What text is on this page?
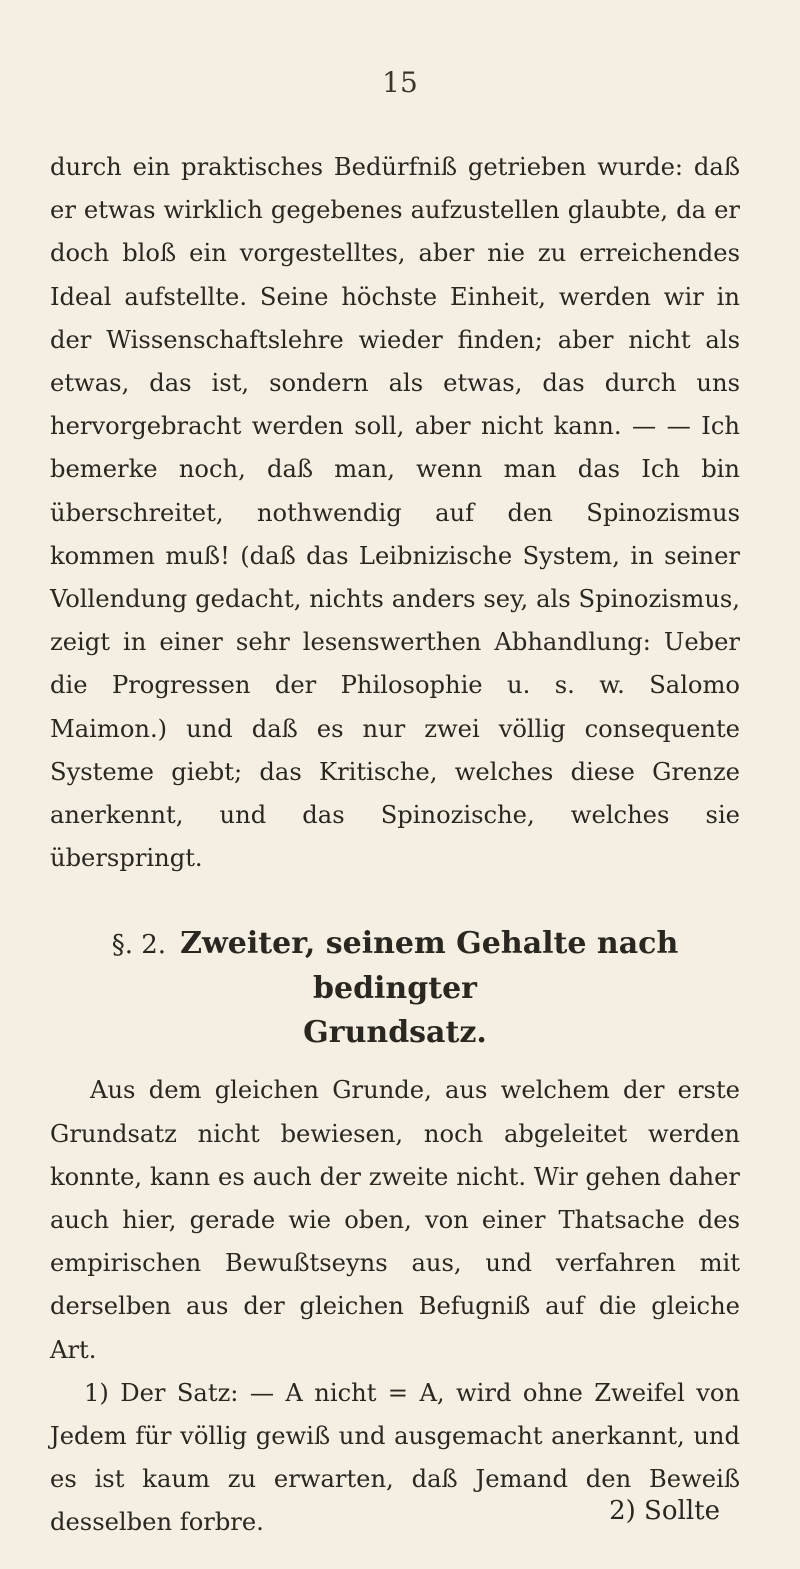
15

durch ein praktisches Bedürfniß getrieben wurde: daß er etwas wirklich gegebenes aufzustellen glaubte, da er doch bloß ein vorgestelltes, aber nie zu erreichendes Ideal aufstellte. Seine höchste Einheit, werden wir in der Wissenschaftslehre wieder finden; aber nicht als etwas, das ist, sondern als etwas, das durch uns hervorgebracht werden soll, aber nicht kann. — — Ich bemerke noch, daß man, wenn man das Ich bin überschreitet, nothwendig auf den Spinozismus kommen muß! (daß das Leibnizische System, in seiner Vollendung gedacht, nichts anders sey, als Spinozismus, zeigt in einer sehr lesenswerthen Abhandlung: Ueber die Progressen der Philosophie u. s. w. Salomo Maimon.) und daß es nur zwei völlig consequente Systeme giebt; das Kritische, welches diese Grenze anerkennt, und das Spinozische, welches sie überspringt.

§. 2. Zweiter, seinem Gehalte nach bedingter
Grundsatz.

Aus dem gleichen Grunde, aus welchem der erste Grundsatz nicht bewiesen, noch abgeleitet werden konnte, kann es auch der zweite nicht. Wir gehen daher auch hier, gerade wie oben, von einer Thatsache des empirischen Bewußtseyns aus, und verfahren mit derselben aus der gleichen Befugniß auf die gleiche Art.

1) Der Satz: — A nicht = A, wird ohne Zweifel von Jedem für völlig gewiß und ausgemacht anerkannt, und es ist kaum zu erwarten, daß Jemand den Beweiß desselben forbre.	2) Sollte
